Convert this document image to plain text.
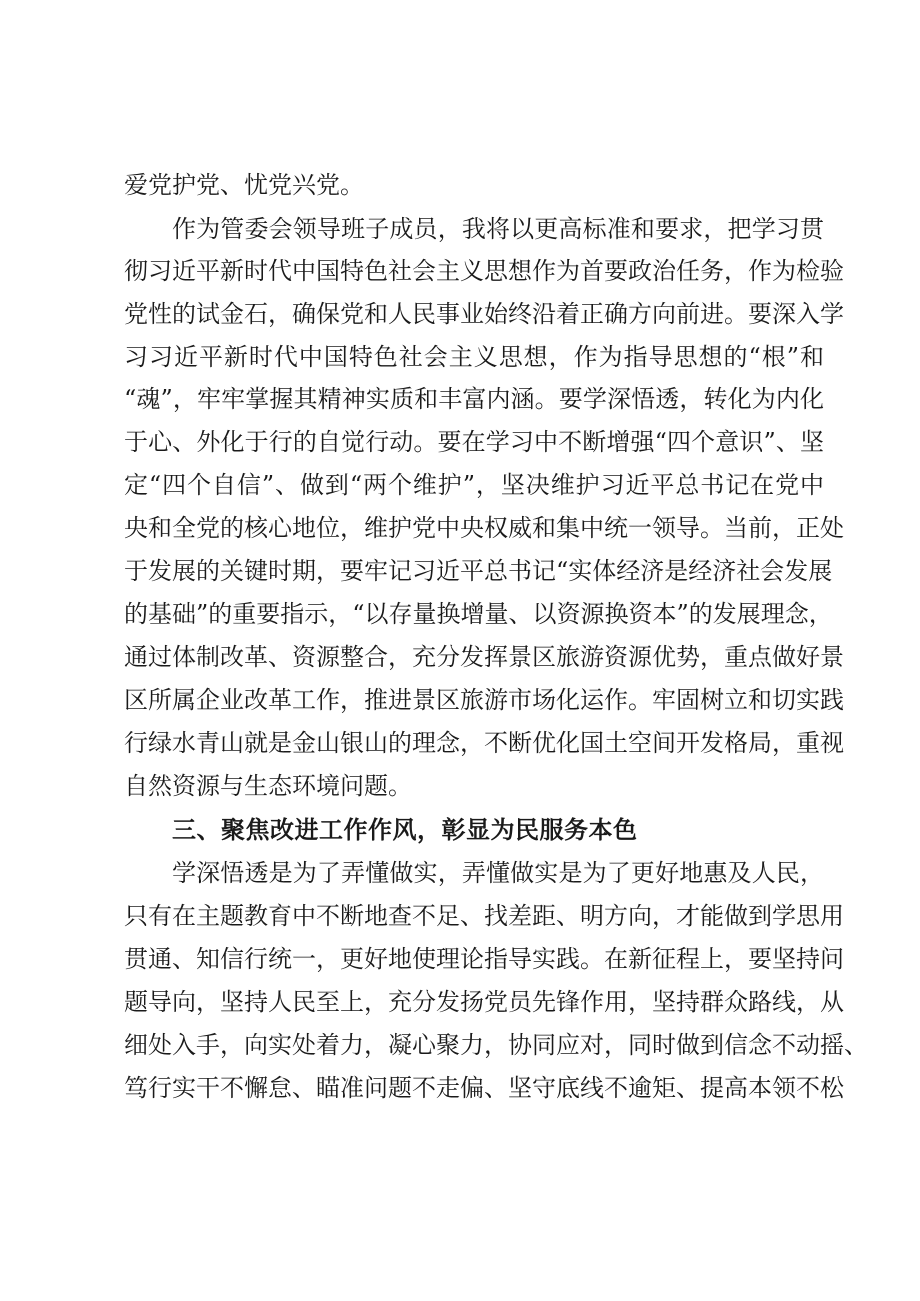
爱党护党、忧党兴党。
作为管委会领导班子成员，我将以更高标准和要求，把学习贯
彻习近平新时代中国特色社会主义思想作为首要政治任务，作为检验
党性的试金石，确保党和人民事业始终沿着正确方向前进。要深入学
习习近平新时代中国特色社会主义思想，作为指导思想的“根”和
“魂”，牢牢掌握其精神实质和丰富内涵。要学深悟透，转化为内化
于心、外化于行的自觉行动。要在学习中不断增强“四个意识”、坚
定“四个自信”、做到“两个维护”，坚决维护习近平总书记在党中
央和全党的核心地位，维护党中央权威和集中统一领导。当前，正处
于发展的关键时期，要牢记习近平总书记“实体经济是经济社会发展
的基础”的重要指示，“以存量换增量、以资源换资本”的发展理念，
通过体制改革、资源整合，充分发挥景区旅游资源优势，重点做好景
区所属企业改革工作，推进景区旅游市场化运作。牢固树立和切实践
行绿水青山就是金山银山的理念，不断优化国土空间开发格局，重视
自然资源与生态环境问题。
三、聚焦改进工作作风，彰显为民服务本色
学深悟透是为了弄懂做实，弄懂做实是为了更好地惠及人民，
只有在主题教育中不断地查不足、找差距、明方向，才能做到学思用
贯通、知信行统一，更好地使理论指导实践。在新征程上，要坚持问
题导向，坚持人民至上，充分发扬党员先锋作用，坚持群众路线，从
细处入手，向实处着力，凝心聚力，协同应对，同时做到信念不动摇、
笃行实干不懈怠、瞄准问题不走偏、坚守底线不逾矩、提高本领不松
